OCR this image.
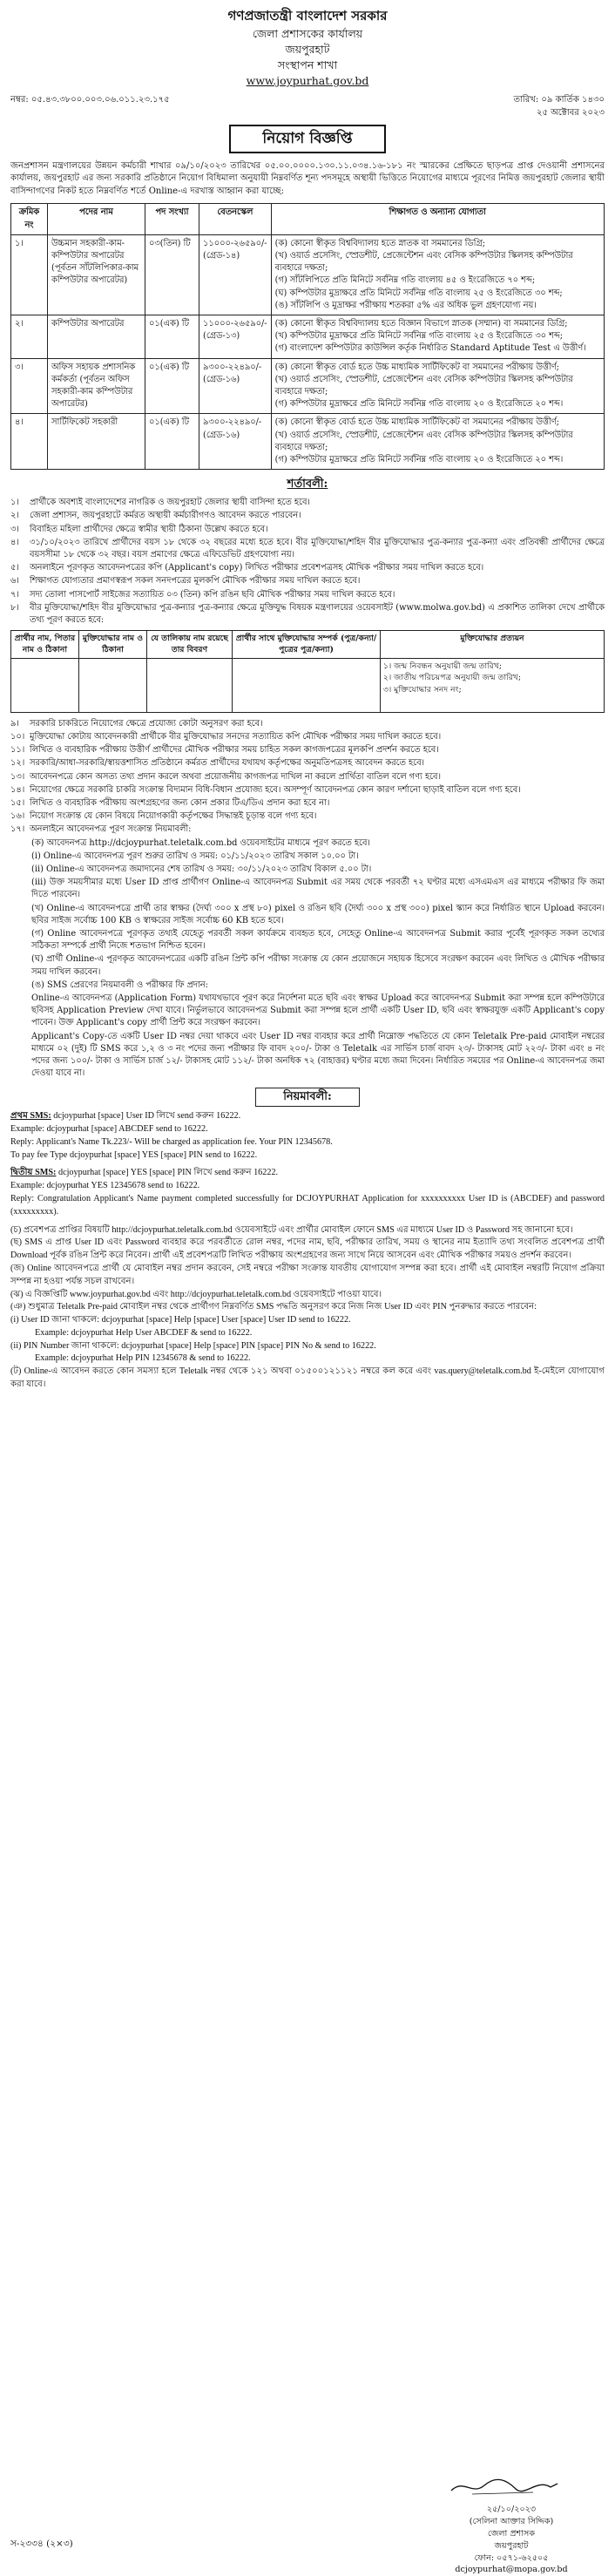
গণপ্রজাতন্ত্রী বাংলাদেশ সরকার
জেলা প্রশাসকের কার্যালয়
জয়পুরহাট
সংস্থাপন শাখা
www.joypurhat.gov.bd
নম্বর: ০৫.৪৩.৩৮০০.০০৩.০৬.০১১.২৩.১৭৫	তারিখ: ০৯ কার্তিক ১৪৩০
২৫ অক্টোবর ২০২৩
নিয়োগ বিজ্ঞপ্তি

জনপ্রশাসন মন্ত্রণালয়ের উন্নয়ন কর্মচারী শাখার ০৯/১০/২০২৩ তারিখের ০৫.০০.০০০০.১৩০.১১.০৩৪.১৬-১৮১ নং স্মারকের প্রেক্ষিতে ছাড়পত্র প্রাপ্ত দেওয়ানী প্রশাসনের কার্যালয়, জয়পুরহাট এর জন্য সরকারি প্রতিষ্ঠানে নিয়োগ বিধিমালা অনুযায়ী নিম্নবর্ণিত শূন্য পদসমূহে অস্থায়ী ভিত্তিতে নিয়োগের মাধ্যমে পূরণের নিমিত্ত জয়পুরহাট জেলার স্থায়ী বাসিন্দাগণের নিকট হতে নিম্নবর্ণিত শর্তে Online-এ দরখাস্ত আহ্বান করা যাচ্ছে:

ক্রমিক নং	পদের নাম	পদ সংখ্যা	বেতনস্কেল	শিক্ষাগত ও অন্যান্য যোগ্যতা
১।	উচ্চমান সহকারী-কাম-কম্পিউটার অপারেটর (পূর্বতন সাঁটলিপিকার-কাম কম্পিউটার অপারেটর)	০৩(তিন) টি	১১০০০-২৬৫৯০/- (গ্রেড-১৪)	(ক) কোনো স্বীকৃত বিশ্ববিদ্যালয় হতে স্নাতক বা সমমানের ডিগ্রি;
(খ) ওয়ার্ড প্রসেসিং, স্প্রেডশীট, প্রেজেন্টেশন এবং বেসিক কম্পিউটার স্কিলসহ কম্পিউটার ব্যবহারে দক্ষতা;
(গ) সাঁটলিপিতে প্রতি মিনিটে সর্বনিম্ন গতি বাংলায় ৪৫ ও ইংরেজিতে ৭০ শব্দ;
(ঘ) কম্পিউটার মুদ্রাক্ষরে প্রতি মিনিটে সর্বনিম্ন গতি বাংলায় ২৫ ও ইংরেজিতে ৩০ শব্দ;
(ঙ) সাঁটলিপি ও মুদ্রাক্ষর পরীক্ষায় শতকরা ৫% এর অধিক ভুল গ্রহণযোগ্য নয়।

২।	কম্পিউটার অপারেটর	০১(এক) টি	১১০০০-২৬৫৯০/- (গ্রেড-১৩)	(ক) কোনো স্বীকৃত বিশ্ববিদ্যালয় হতে বিজ্ঞান বিভাগে স্নাতক (সম্মান) বা সমমানের ডিগ্রি;
(খ) কম্পিউটার মুদ্রাক্ষরে প্রতি মিনিটে সর্বনিম্ন গতি বাংলায় ২৫ ও ইংরেজিতে ৩০ শব্দ;
(গ) বাংলাদেশ কম্পিউটার কাউন্সিল কর্তৃক নির্ধারিত Standard Aptitude Test এ উত্তীর্ণ।

৩।	অফিস সহায়ক প্রশাসনিক কর্মকর্তা (পূর্বতন অফিস সহকারী-কাম কম্পিউটার অপারেটর)	০১(এক) টি	৯৩০০-২২৪৯০/- (গ্রেড-১৬)	(ক) কোনো স্বীকৃত বোর্ড হতে উচ্চ মাধ্যমিক সার্টিফিকেট বা সমমানের পরীক্ষায় উত্তীর্ণ;
(খ) ওয়ার্ড প্রসেসিং, স্প্রেডশীট, প্রেজেন্টেশন এবং বেসিক কম্পিউটার স্কিলসহ কম্পিউটার ব্যবহারে দক্ষতা;
(গ) কম্পিউটার মুদ্রাক্ষরে প্রতি মিনিটে সর্বনিম্ন গতি বাংলায় ২০ ও ইংরেজিতে ২০ শব্দ।

৪।	সার্টিফিকেট সহকারী	০১(এক) টি	৯৩০০-২২৪৯০/- (গ্রেড-১৬)	(ক) কোনো স্বীকৃত বোর্ড হতে উচ্চ মাধ্যমিক সার্টিফিকেট বা সমমানের পরীক্ষায় উত্তীর্ণ;
(খ) ওয়ার্ড প্রসেসিং, স্প্রেডশীট, প্রেজেন্টেশন এবং বেসিক কম্পিউটার স্কিলসহ কম্পিউটার ব্যবহারে দক্ষতা;
(গ) কম্পিউটার মুদ্রাক্ষরে প্রতি মিনিটে সর্বনিম্ন গতি বাংলায় ২০ ও ইংরেজিতে ২০ শব্দ।
শর্তাবলী:
১।	প্রার্থীকে অবশ্যই বাংলাদেশের নাগরিক ও জয়পুরহাট জেলার স্থায়ী বাসিন্দা হতে হবে।
২।	জেলা প্রশাসন, জয়পুরহাটে কর্মরত অস্থায়ী কর্মচারীগণও আবেদন করতে পারবেন।
৩।	বিবাহিত মহিলা প্রার্থীদের ক্ষেত্রে স্বামীর স্থায়ী ঠিকানা উল্লেখ করতে হবে।
৪।	৩১/১০/২০২৩ তারিখে প্রার্থীদের বয়স ১৮ থেকে ৩২ বছরের মধ্যে হতে হবে। বীর মুক্তিযোদ্ধা/শহিদ বীর মুক্তিযোদ্ধার পুত্র-কন্যার পুত্র-কন্যা এবং প্রতিবন্ধী প্রার্থীদের ক্ষেত্রে বয়সসীমা ১৮ থেকে ৩২ বছর। বয়স প্রমাণের ক্ষেত্রে এফিডেভিট গ্রহণযোগ্য নয়।
৫।	অনলাইনে পূরণকৃত আবেদনপত্রের কপি (Applicant's copy) লিখিত পরীক্ষার প্রবেশপত্রসহ মৌখিক পরীক্ষার সময় দাখিল করতে হবে।
৬।	শিক্ষাগত যোগ্যতার প্রমাণস্বরূপ সকল সনদপত্রের মূলকপি মৌখিক পরীক্ষার সময় দাখিল করতে হবে।
৭।	সদ্য তোলা পাসপোর্ট সাইজের সত্যায়িত ০৩ (তিন) কপি রঙিন ছবি মৌখিক পরীক্ষার সময় দাখিল করতে হবে।
৮।	বীর মুক্তিযোদ্ধা/শহিদ বীর মুক্তিযোদ্ধার পুত্র-কন্যার পুত্র-কন্যার ক্ষেত্রে মুক্তিযুদ্ধ বিষয়ক মন্ত্রণালয়ের ওয়েবসাইট (www.molwa.gov.bd) এ প্রকাশিত তালিকা দেখে প্রার্থীকে তথ্য পূরণ করতে হবে:
প্রার্থীর নাম, পিতার নাম ও ঠিকানা	মুক্তিযোদ্ধার নাম ও ঠিকানা	যে তালিকায় নাম রয়েছে তার বিবরণ	প্রার্থীর সাথে মুক্তিযোদ্ধার সম্পর্ক (পুত্র/কন্যা/পুত্রের পুত্র/কন্যা)	মুক্তিযোদ্ধার প্রত্যয়ন

				১। জন্ম নিবন্ধন অনুযায়ী জন্ম তারিখ;
২। জাতীয় পরিচয়পত্র অনুযায়ী জন্ম তারিখ;
৩। মুক্তিযোদ্ধার সনদ নং;
৯।	সরকারি চাকরিতে নিয়োগের ক্ষেত্রে প্রযোজ্য কোটা অনুসরণ করা হবে।
১০। মুক্তিযোদ্ধা কোটায় আবেদনকারী প্রার্থীকে বীর মুক্তিযোদ্ধার সনদের সত্যায়িত কপি মৌখিক পরীক্ষার সময় দাখিল করতে হবে।
১১। লিখিত ও ব্যবহারিক পরীক্ষায় উত্তীর্ণ প্রার্থীদের মৌখিক পরীক্ষার সময় চাহিত সকল কাগজপত্রের মূলকপি প্রদর্শন করতে হবে।
১২। সরকারি/আধা-সরকারি/স্বায়ত্তশাসিত প্রতিষ্ঠানে কর্মরত প্রার্থীদের যথাযথ কর্তৃপক্ষের অনুমতিপত্রসহ আবেদন করতে হবে।
১৩। আবেদনপত্রে কোন অসত্য তথ্য প্রদান করলে অথবা প্রয়োজনীয় কাগজপত্র দাখিল না করলে প্রার্থিতা বাতিল বলে গণ্য হবে।
১৪। নিয়োগের ক্ষেত্রে সরকারি চাকরি সংক্রান্ত বিদ্যমান বিধি-বিধান প্রযোজ্য হবে। অসম্পূর্ণ আবেদনপত্র কোন কারণ দর্শানো ছাড়াই বাতিল বলে গণ্য হবে।
১৫। লিখিত ও ব্যবহারিক পরীক্ষায় অংশগ্রহণের জন্য কোন প্রকার টিএ/ডিএ প্রদান করা হবে না।
১৬। নিয়োগ সংক্রান্ত যে কোন বিষয়ে নিয়োগকারী কর্তৃপক্ষের সিদ্ধান্তই চূড়ান্ত বলে গণ্য হবে।
১৭। অনলাইনে আবেদনপত্র পূরণ সংক্রান্ত নিয়মাবলী:
(ক) আবেদনপত্র http://dcjoypurhat.teletalk.com.bd ওয়েবসাইটের মাধ্যমে পূরণ করতে হবে।
(i) Online-এ আবেদনপত্র পূরণ শুরুর তারিখ ও সময়: ০১/১১/২০২৩ তারিখ সকাল ১০.০০ টা।
(ii) Online-এ আবেদনপত্র জমাদানের শেষ তারিখ ও সময়: ৩০/১১/২০২৩ তারিখ বিকাল ৫.০০ টা।
(iii) উক্ত সময়সীমার মধ্যে User ID প্রাপ্ত প্রার্থীগণ Online-এ আবেদনপত্র Submit এর সময় থেকে পরবর্তী ৭২ ঘণ্টার মধ্যে এসএমএস এর মাধ্যমে পরীক্ষার ফি জমা দিতে পারবেন।
(খ) Online-এ আবেদনপত্রে প্রার্থী তার স্বাক্ষর (দৈর্ঘ্য ৩০০ x প্রস্থ ৮০) pixel ও রঙিন ছবি (দৈর্ঘ্য ৩০০ x প্রস্থ ৩০০) pixel স্ক্যান করে নির্ধারিত স্থানে Upload করবেন। ছবির সাইজ সর্বোচ্চ 100 KB ও স্বাক্ষরের সাইজ সর্বোচ্চ 60 KB হতে হবে।
(গ) Online আবেদনপত্রে পূরণকৃত তথ্যই যেহেতু পরবর্তী সকল কার্যক্রমে ব্যবহৃত হবে, সেহেতু Online-এ আবেদনপত্র Submit করার পূর্বেই পূরণকৃত সকল তথ্যের সঠিকতা সম্পর্কে প্রার্থী নিজে শতভাগ নিশ্চিত হবেন।
(ঘ) প্রার্থী Online-এ পূরণকৃত আবেদনপত্রের একটি রঙিন প্রিন্ট কপি পরীক্ষা সংক্রান্ত যে কোন প্রয়োজনে সহায়ক হিসেবে সংরক্ষণ করবেন এবং লিখিত ও মৌখিক পরীক্ষার সময় দাখিল করবেন।
(ঙ) SMS প্রেরণের নিয়মাবলী ও পরীক্ষার ফি প্রদান:
Online-এ আবেদনপত্র (Application Form) যথাযথভাবে পূরণ করে নির্দেশনা মতে ছবি এবং স্বাক্ষর Upload করে আবেদনপত্র Submit করা সম্পন্ন হলে কম্পিউটারে ছবিসহ Application Preview দেখা যাবে। নির্ভুলভাবে আবেদনপত্র Submit করা সম্পন্ন হলে প্রার্থী একটি User ID, ছবি এবং স্বাক্ষরযুক্ত একটি Applicant's copy পাবেন। উক্ত Applicant's copy প্রার্থী প্রিন্ট করে সংরক্ষণ করবেন।
Applicant's Copy-তে একটি User ID নম্বর দেয়া থাকবে এবং User ID নম্বর ব্যবহার করে প্রার্থী নিম্নোক্ত পদ্ধতিতে যে কোন Teletalk Pre-paid মোবাইল নম্বরের মাধ্যমে ০২ (দুই) টি SMS করে ১,২ ও ৩ নং পদের জন্য পরীক্ষার ফি বাবদ ২০০/- টাকা ও Teletalk এর সার্ভিস চার্জ বাবদ ২৩/- টাকাসহ মোট ২২৩/- টাকা এবং ৪ নং পদের জন্য ১০০/- টাকা ও সার্ভিস চার্জ ১২/- টাকাসহ মোট ১১২/- টাকা অনধিক ৭২ (বাহাত্তর) ঘণ্টার মধ্যে জমা দিবেন। নির্ধারিত সময়ের পর Online-এ আবেদনপত্র জমা দেওয়া যাবে না।
নিয়মাবলী:
প্রথম SMS: dcjoypurhat [space] User ID লিখে send করুন 16222.
Example: dcjoypurhat [space] ABCDEF send to 16222.
Reply: Applicant's Name Tk.223/- Will be charged as application fee. Your PIN 12345678.
To pay fee Type dcjoypurhat [space] YES [space] PIN send to 16222.
দ্বিতীয় SMS: dcjoypurhat [space] YES [space] PIN লিখে send করুন 16222.
Example: dcjoypurhat YES 12345678 send to 16222.
Reply: Congratulation Applicant's Name payment completed successfully for DCJOYPURHAT Application for xxxxxxxxxx User ID is (ABCDEF) and password (xxxxxxxxx).
(চ) প্রবেশপত্র প্রাপ্তির বিষয়টি http://dcjoypurhat.teletalk.com.bd ওয়েবসাইটে এবং প্রার্থীর মোবাইল ফোনে SMS এর মাধ্যমে User ID ও Password সহ জানানো হবে।
(ছ) SMS এ প্রাপ্ত User ID এবং Password ব্যবহার করে পরবর্তীতে রোল নম্বর, পদের নাম, ছবি, পরীক্ষার তারিখ, সময় ও স্থানের নাম ইত্যাদি তথ্য সংবলিত প্রবেশপত্র প্রার্থী Download পূর্বক রঙিন প্রিন্ট করে নিবেন। প্রার্থী এই প্রবেশপত্রটি লিখিত পরীক্ষায় অংশগ্রহণের জন্য সাথে নিয়ে আসবেন এবং মৌখিক পরীক্ষার সময়ও প্রদর্শন করবেন।
(জ) Online আবেদনপত্রে প্রার্থী যে মোবাইল নম্বর প্রদান করবেন, সেই নম্বরে পরীক্ষা সংক্রান্ত যাবতীয় যোগাযোগ সম্পন্ন করা হবে। প্রার্থী এই মোবাইল নম্বরটি নিয়োগ প্রক্রিয়া সম্পন্ন না হওয়া পর্যন্ত সচল রাখবেন।
(ঝ) এ বিজ্ঞপ্তিটি www.joypurhat.gov.bd এবং http://dcjoypurhat.teletalk.com.bd ওয়েবসাইটে পাওয়া যাবে।
(ঞ) শুধুমাত্র Teletalk Pre-paid মোবাইল নম্বর থেকে প্রার্থীগণ নিম্নবর্ণিত SMS পদ্ধতি অনুসরণ করে নিজ নিজ User ID এবং PIN পুনরুদ্ধার করতে পারবেন:
(i) User ID জানা থাকলে: dcjoypurhat [space] Help [space] User [space] User ID send to 16222.
Example: dcjoypurhat Help User ABCDEF & send to 16222.
(ii) PIN Number জানা থাকলে: dcjoypurhat [space] Help [space] PIN [space] PIN No & send to 16222.
Example: dcjoypurhat Help PIN 12345678 & send to 16222.
(ট) Online-এ আবেদন করতে কোন সমস্যা হলে Teletalk নম্বর থেকে ১২১ অথবা ০১৫০০১২১১২১ নম্বরে কল করে এবং vas.query@teletalk.com.bd ই-মেইলে যোগাযোগ করা যাবে।
২৫/১০/২০২৩
(সেলিনা আক্তার সিদ্দিক)
জেলা প্রশাসক
জয়পুরহাট
ফোন: ০৫৭১-৬২৫০৫
dcjoypurhat@mopa.gov.bd
স-২৩৩৪ (২×৩)
